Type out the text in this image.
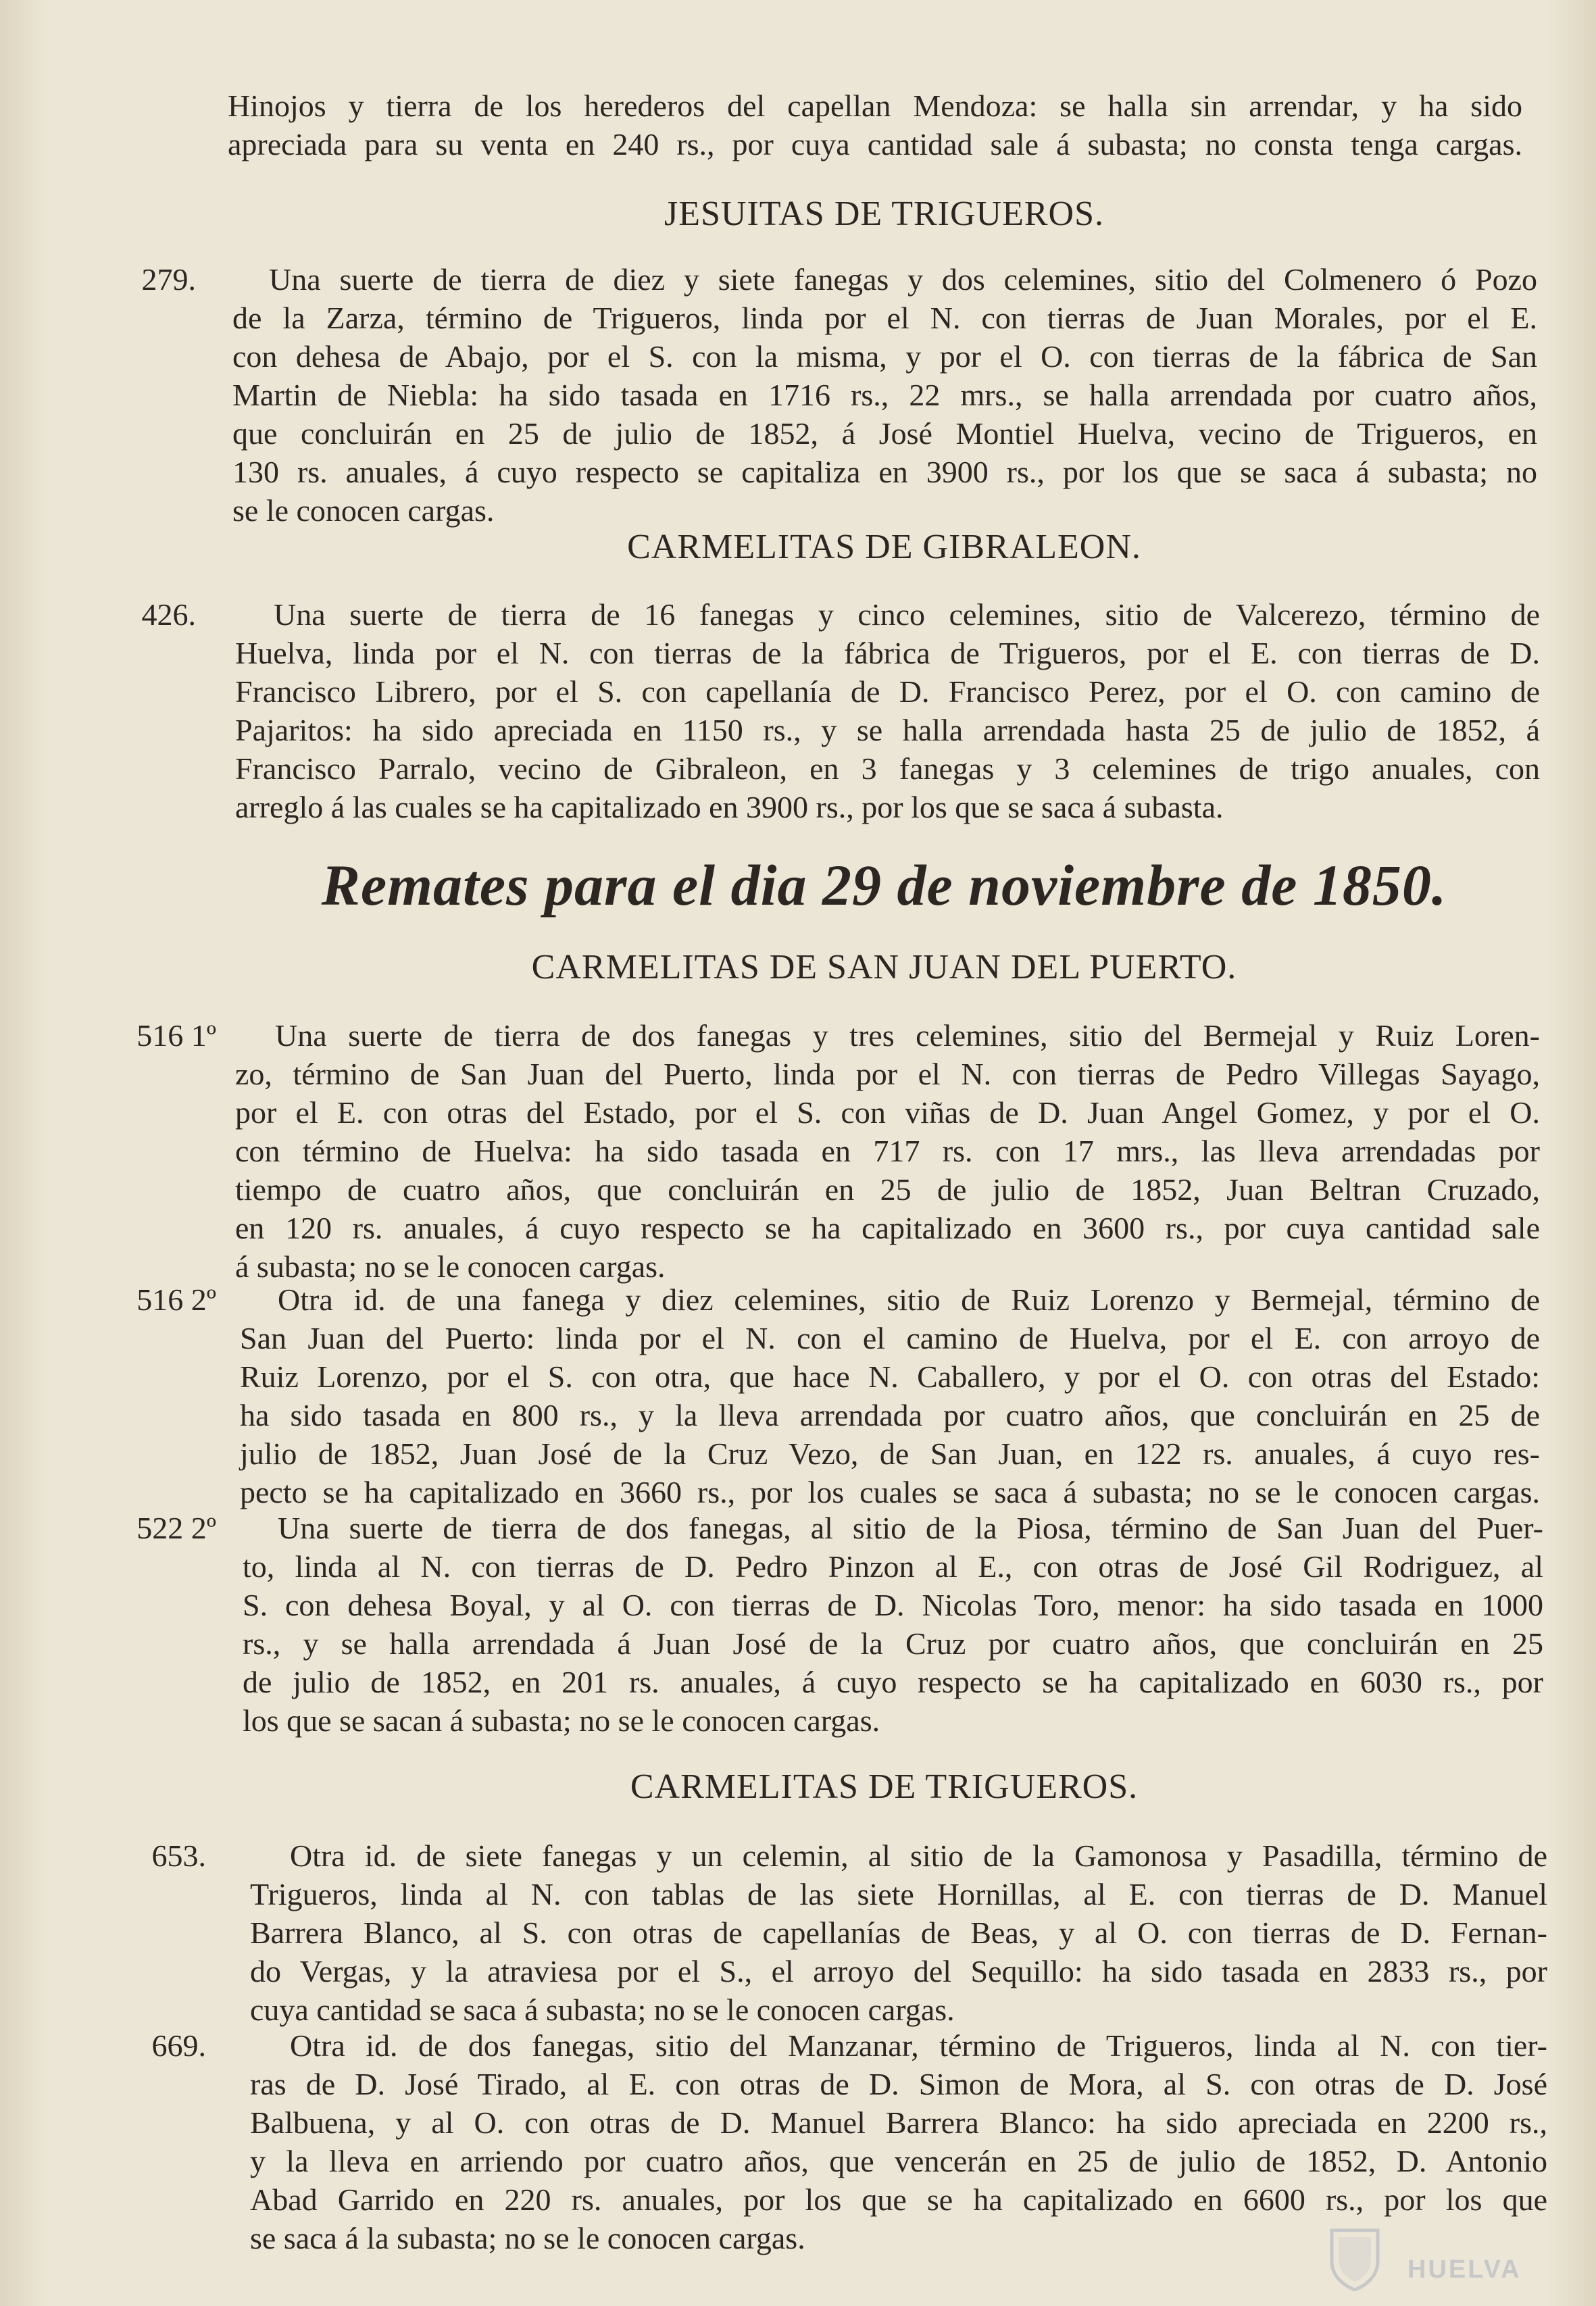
Hinojos y tierra de los herederos del capellan Mendoza: se halla sin arrendar, y ha sido
apreciada para su venta en 240 rs., por cuya cantidad sale á subasta; no consta tenga cargas.
JESUITAS DE TRIGUEROS.
279.	Una suerte de tierra de diez y siete fanegas y dos celemines, sitio del Colmenero ó Pozo
de la Zarza, término de Trigueros, linda por el N. con tierras de Juan Morales, por el E.
con dehesa de Abajo, por el S. con la misma, y por el O. con tierras de la fábrica de San
Martin de Niebla: ha sido tasada en 1716 rs., 22 mrs., se halla arrendada por cuatro años,
que concluirán en 25 de julio de 1852, á José Montiel Huelva, vecino de Trigueros, en
130 rs. anuales, á cuyo respecto se capitaliza en 3900 rs., por los que se saca á subasta; no
se le conocen cargas.
CARMELITAS DE GIBRALEON.
426.	Una suerte de tierra de 16 fanegas y cinco celemines, sitio de Valcerezo, término de
Huelva, linda por el N. con tierras de la fábrica de Trigueros, por el E. con tierras de D.
Francisco Librero, por el S. con capellanía de D. Francisco Perez, por el O. con camino de
Pajaritos: ha sido apreciada en 1150 rs., y se halla arrendada hasta 25 de julio de 1852, á
Francisco Parralo, vecino de Gibraleon, en 3 fanegas y 3 celemines de trigo anuales, con
arreglo á las cuales se ha capitalizado en 3900 rs., por los que se saca á subasta.
Remates para el dia 29 de noviembre de 1850.
CARMELITAS DE SAN JUAN DEL PUERTO.
516 1º	Una suerte de tierra de dos fanegas y tres celemines, sitio del Bermejal y Ruiz Loren-
zo, término de San Juan del Puerto, linda por el N. con tierras de Pedro Villegas Sayago,
por el E. con otras del Estado, por el S. con viñas de D. Juan Angel Gomez, y por el O.
con término de Huelva: ha sido tasada en 717 rs. con 17 mrs., las lleva arrendadas por
tiempo de cuatro años, que concluirán en 25 de julio de 1852, Juan Beltran Cruzado,
en 120 rs. anuales, á cuyo respecto se ha capitalizado en 3600 rs., por cuya cantidad sale
á subasta; no se le conocen cargas.
516 2º	Otra id. de una fanega y diez celemines, sitio de Ruiz Lorenzo y Bermejal, término de
San Juan del Puerto: linda por el N. con el camino de Huelva, por el E. con arroyo de
Ruiz Lorenzo, por el S. con otra, que hace N. Caballero, y por el O. con otras del Estado:
ha sido tasada en 800 rs., y la lleva arrendada por cuatro años, que concluirán en 25 de
julio de 1852, Juan José de la Cruz Vezo, de San Juan, en 122 rs. anuales, á cuyo res-
pecto se ha capitalizado en 3660 rs., por los cuales se saca á subasta; no se le conocen cargas.
522 2º	Una suerte de tierra de dos fanegas, al sitio de la Piosa, término de San Juan del Puer-
to, linda al N. con tierras de D. Pedro Pinzon al E., con otras de José Gil Rodriguez, al
S. con dehesa Boyal, y al O. con tierras de D. Nicolas Toro, menor: ha sido tasada en 1000
rs., y se halla arrendada á Juan José de la Cruz por cuatro años, que concluirán en 25
de julio de 1852, en 201 rs. anuales, á cuyo respecto se ha capitalizado en 6030 rs., por
los que se sacan á subasta; no se le conocen cargas.
CARMELITAS DE TRIGUEROS.
653.	Otra id. de siete fanegas y un celemin, al sitio de la Gamonosa y Pasadilla, término de
Trigueros, linda al N. con tablas de las siete Hornillas, al E. con tierras de D. Manuel
Barrera Blanco, al S. con otras de capellanías de Beas, y al O. con tierras de D. Fernan-
do Vergas, y la atraviesa por el S., el arroyo del Sequillo: ha sido tasada en 2833 rs., por
cuya cantidad se saca á subasta; no se le conocen cargas.
669.	Otra id. de dos fanegas, sitio del Manzanar, término de Trigueros, linda al N. con tier-
ras de D. José Tirado, al E. con otras de D. Simon de Mora, al S. con otras de D. José
Balbuena, y al O. con otras de D. Manuel Barrera Blanco: ha sido apreciada en 2200 rs.,
y la lleva en arriendo por cuatro años, que vencerán en 25 de julio de 1852, D. Antonio
Abad Garrido en 220 rs. anuales, por los que se ha capitalizado en 6600 rs., por los que
se saca á la subasta; no se le conocen cargas.
HUELVA
